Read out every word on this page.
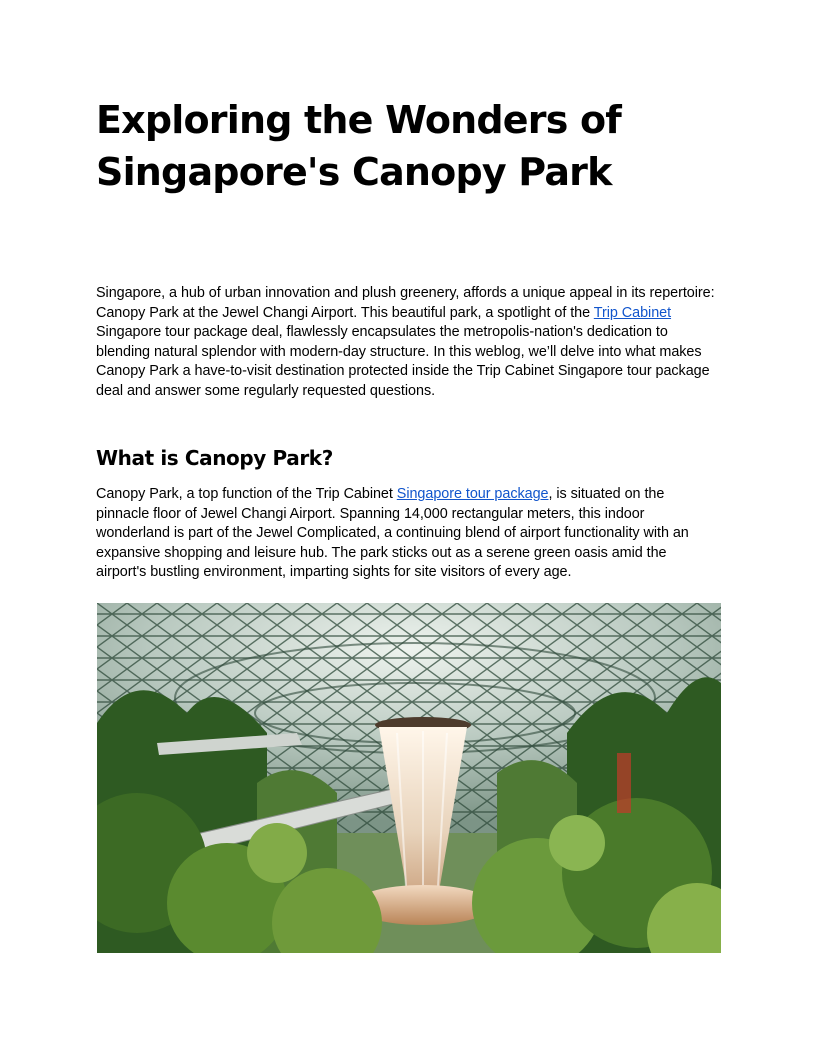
Exploring the Wonders of
Singapore's Canopy Park

Singapore, a hub of urban innovation and plush greenery, affords a unique appeal in its repertoire: Canopy Park at the Jewel Changi Airport. This beautiful park, a spotlight of the Trip Cabinet Singapore tour package deal, flawlessly encapsulates the metropolis-nation's dedication to blending natural splendor with modern-day structure. In this weblog, we’ll delve into what makes Canopy Park a have-to-visit destination protected inside the Trip Cabinet Singapore tour package deal and answer some regularly requested questions.

What is Canopy Park?

Canopy Park, a top function of the Trip Cabinet Singapore tour package, is situated on the pinnacle floor of Jewel Changi Airport. Spanning 14,000 rectangular meters, this indoor wonderland is part of the Jewel Complicated, a continuing blend of airport functionality with an expansive shopping and leisure hub. The park sticks out as a serene green oasis amid the airport's bustling environment, imparting sights for site visitors of every age.
